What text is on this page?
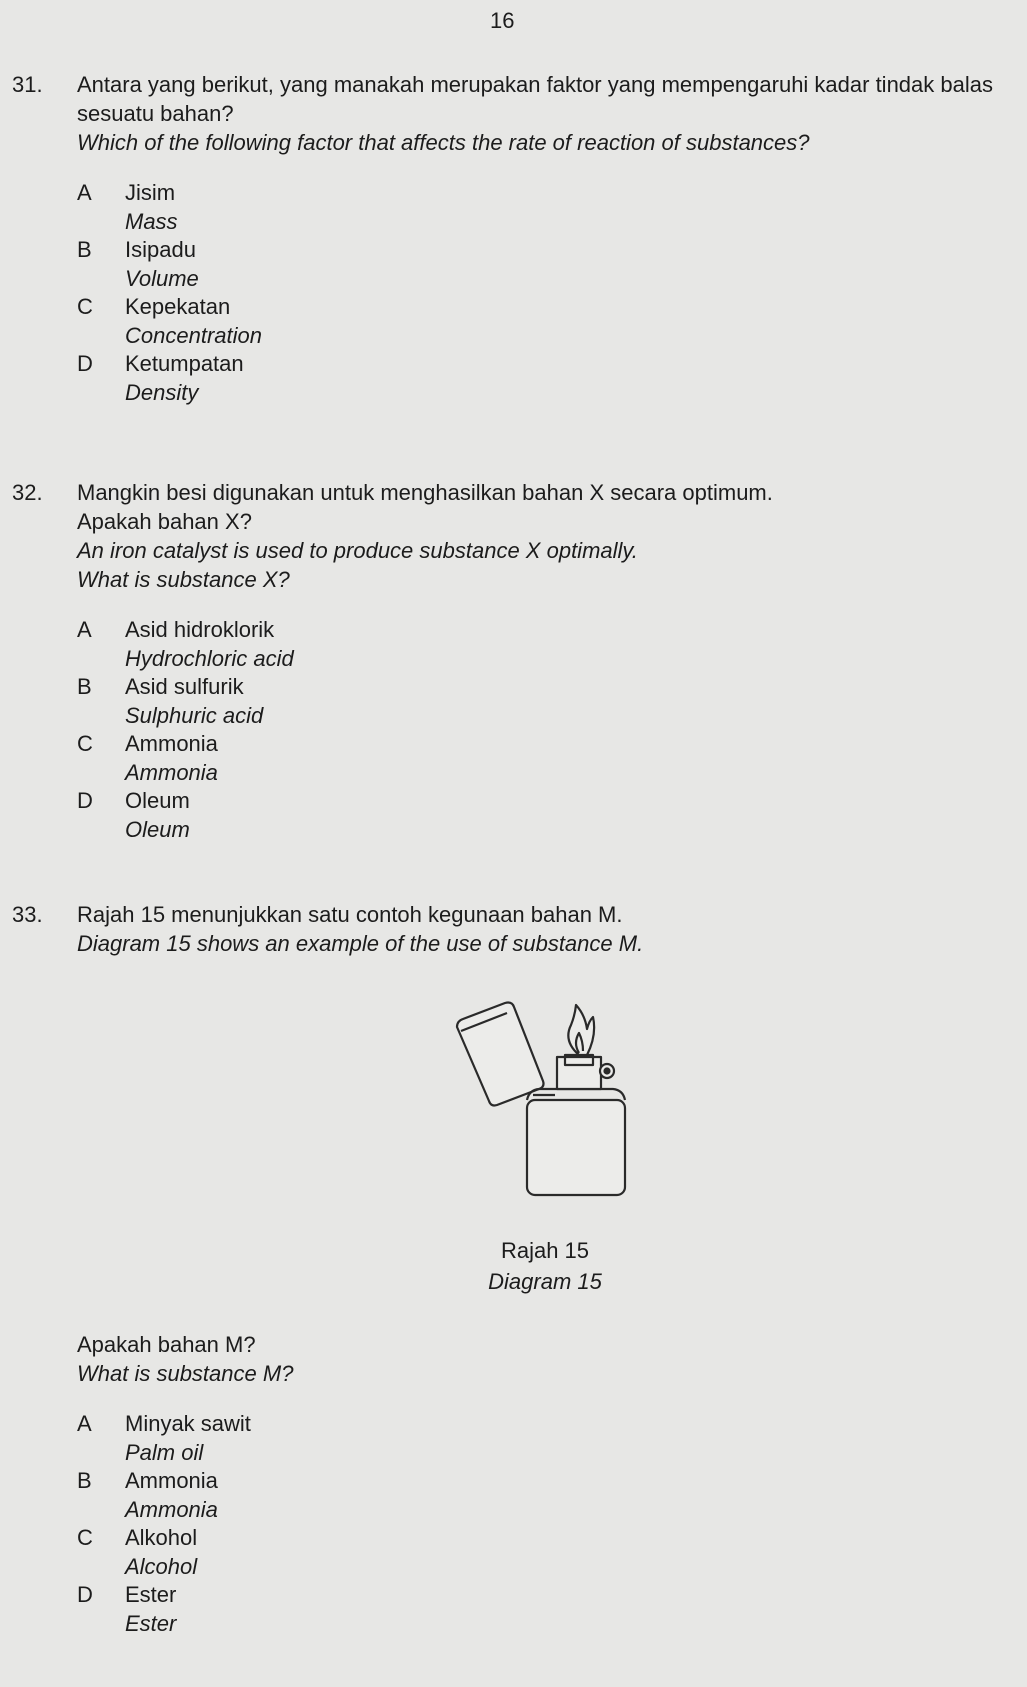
16
31. Antara yang berikut, yang manakah merupakan faktor yang mempengaruhi kadar tindak balas sesuatu bahan?
Which of the following factor that affects the rate of reaction of substances?
A	Jisim
Mass
B	Isipadu
Volume
C	Kepekatan
Concentration
D	Ketumpatan
Density
32. Mangkin besi digunakan untuk menghasilkan bahan X secara optimum.
Apakah bahan X?
An iron catalyst is used to produce substance X optimally.
What is substance X?
A	Asid hidroklorik
Hydrochloric acid
B	Asid sulfurik
Sulphuric acid
C	Ammonia
Ammonia
D	Oleum
Oleum
33. Rajah 15 menunjukkan satu contoh kegunaan bahan M.
Diagram 15 shows an example of the use of substance M.
Rajah 15
Diagram 15
Apakah bahan M?
What is substance M?
A	Minyak sawit
Palm oil
B	Ammonia
Ammonia
C	Alkohol
Alcohol
D	Ester
Ester
